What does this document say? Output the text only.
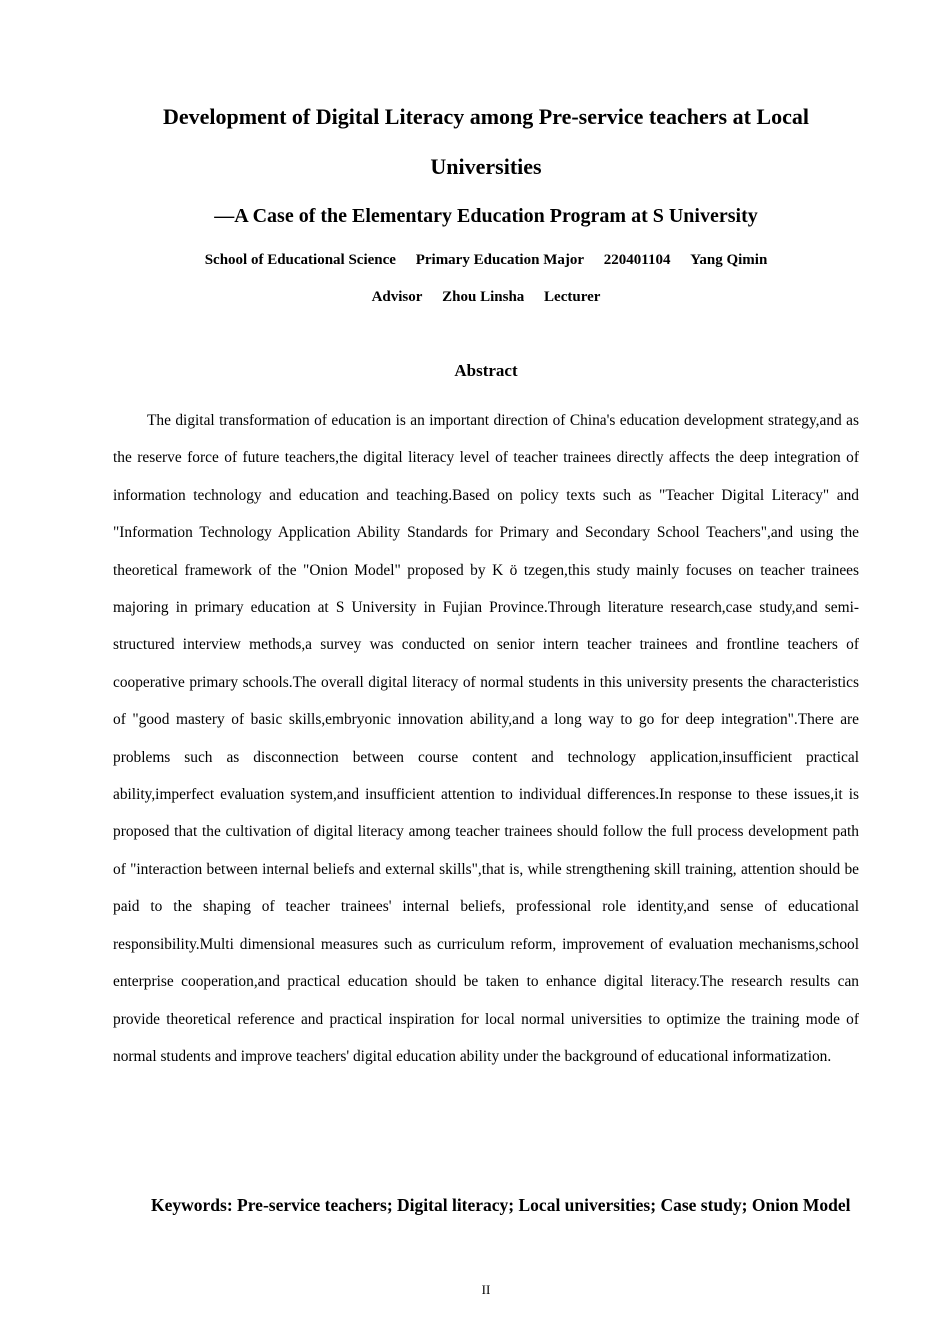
Development of Digital Literacy among Pre-service teachers at Local Universities
—A Case of the Elementary Education Program at S University

School of Educational Science Primary Education Major 220401104 Yang Qimin

Advisor Zhou Linsha Lecturer

Abstract

The digital transformation of education is an important direction of China's education development strategy,and as the reserve force of future teachers,the digital literacy level of teacher trainees directly affects the deep integration of information technology and education and teaching.Based on policy texts such as "Teacher Digital Literacy" and "Information Technology Application Ability Standards for Primary and Secondary School Teachers",and using the theoretical framework of the "Onion Model" proposed by K ö tzegen,this study mainly focuses on teacher trainees majoring in primary education at S University in Fujian Province.Through literature research,case study,and semi-structured interview methods,a survey was conducted on senior intern teacher trainees and frontline teachers of cooperative primary schools.The overall digital literacy of normal students in this university presents the characteristics of "good mastery of basic skills,embryonic innovation ability,and a long way to go for deep integration".There are problems such as disconnection between course content and technology application,insufficient practical ability,imperfect evaluation system,and insufficient attention to individual differences.In response to these issues,it is proposed that the cultivation of digital literacy among teacher trainees should follow the full process development path of "interaction between internal beliefs and external skills",that is, while strengthening skill training, attention should be paid to the shaping of teacher trainees' internal beliefs, professional role identity,and sense of educational responsibility.Multi dimensional measures such as curriculum reform, improvement of evaluation mechanisms,school enterprise cooperation,and practical education should be taken to enhance digital literacy.The research results can provide theoretical reference and practical inspiration for local normal universities to optimize the training mode of normal students and improve teachers' digital education ability under the background of educational informatization.

Keywords: Pre-service teachers; Digital literacy; Local universities; Case study; Onion Model

II
